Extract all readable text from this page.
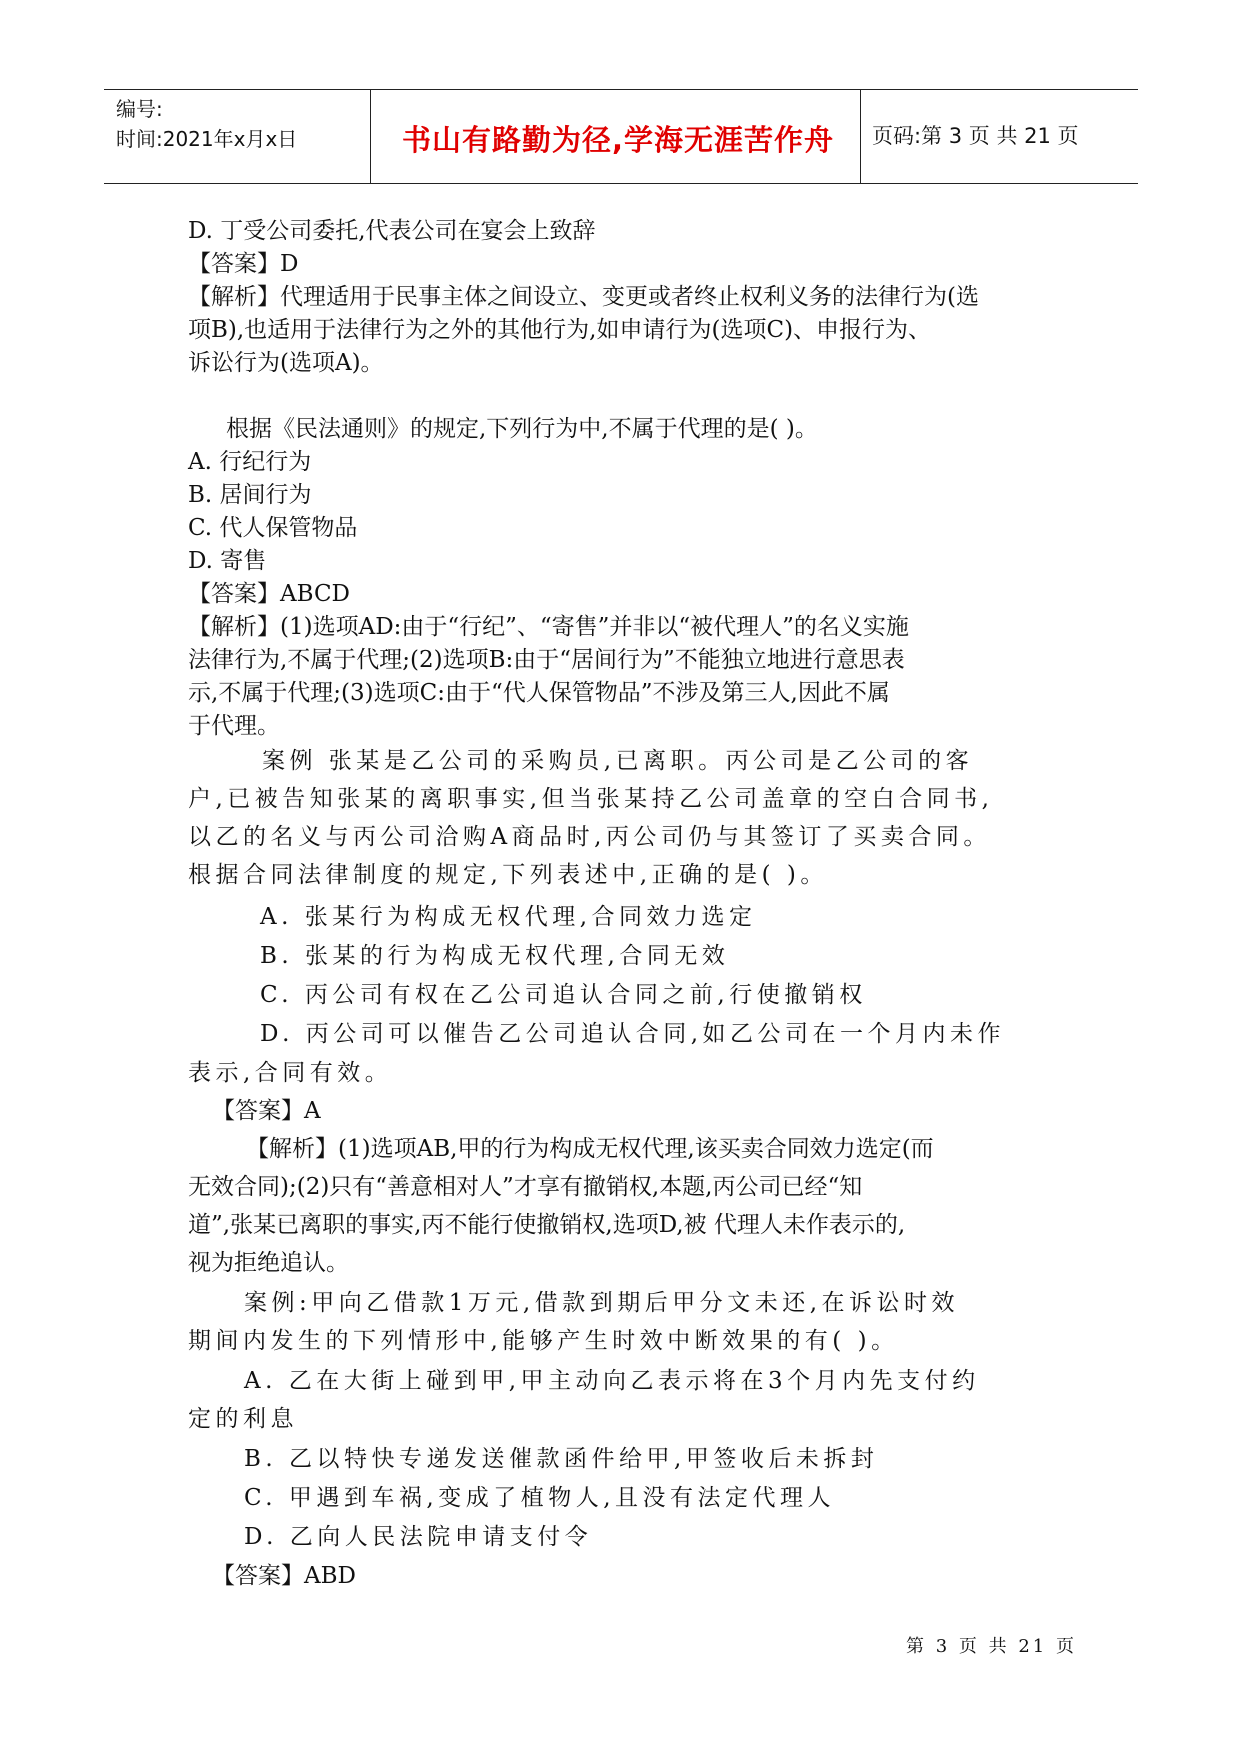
编号:
时间:2021年x月x日	书山有路勤为径,学海无涯苦作舟	页码:第 3 页 共 21 页
D. 丁受公司委托,代表公司在宴会上致辞
【答案】D
【解析】代理适用于民事主体之间设立、变更或者终止权利义务的法律行为(选
项B),也适用于法律行为之外的其他行为,如申请行为(选项C)、申报行为、
诉讼行为(选项A)。
根据《民法通则》的规定,下列行为中,不属于代理的是( )。
A. 行纪行为
B. 居间行为
C. 代人保管物品
D. 寄售
【答案】ABCD
【解析】(1)选项AD:由于“行纪”、“寄售”并非以“被代理人”的名义实施
法律行为,不属于代理;(2)选项B:由于“居间行为”不能独立地进行意思表
示,不属于代理;(3)选项C:由于“代人保管物品”不涉及第三人,因此不属
于代理。
案例 张某是乙公司的采购员,已离职。丙公司是乙公司的客
户,已被告知张某的离职事实,但当张某持乙公司盖章的空白合同书,
以乙的名义与丙公司洽购A商品时,丙公司仍与其签订了买卖合同。
根据合同法律制度的规定,下列表述中,正确的是( )。
A. 张某行为构成无权代理,合同效力选定
B. 张某的行为构成无权代理,合同无效
C. 丙公司有权在乙公司追认合同之前,行使撤销权
D. 丙公司可以催告乙公司追认合同,如乙公司在一个月内未作
表示,合同有效。
【答案】A
【解析】(1)选项AB,甲的行为构成无权代理,该买卖合同效力选定(而
无效合同);(2)只有“善意相对人”才享有撤销权,本题,丙公司已经“知
道”,张某已离职的事实,丙不能行使撤销权,选项D,被 代理人未作表示的,
视为拒绝追认。
案例:甲向乙借款1万元,借款到期后甲分文未还,在诉讼时效
期间内发生的下列情形中,能够产生时效中断效果的有( )。
A. 乙在大街上碰到甲,甲主动向乙表示将在3个月内先支付约
定的利息
B. 乙以特快专递发送催款函件给甲,甲签收后未拆封
C. 甲遇到车祸,变成了植物人,且没有法定代理人
D. 乙向人民法院申请支付令
【答案】ABD
第 3 页 共 21 页
